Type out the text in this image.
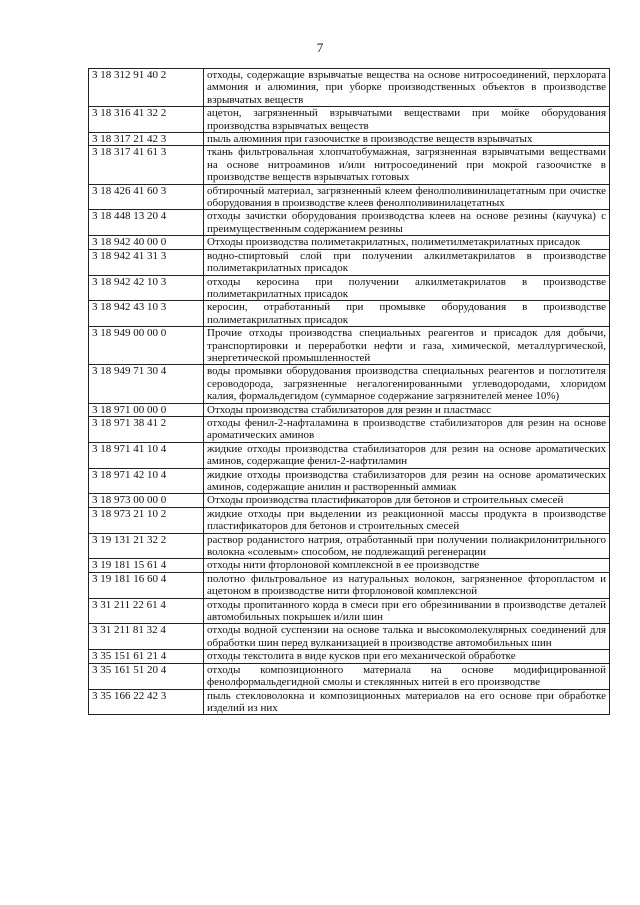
7
3 18 312 91 40 2	отходы, содержащие взрывчатые вещества на основе нитросоединений, перхлората аммония и алюминия, при уборке производственных объектов в производстве взрывчатых веществ
3 18 316 41 32 2	ацетон, загрязненный взрывчатыми веществами при мойке оборудования производства взрывчатых веществ
3 18 317 21 42 3	пыль алюминия при газоочистке в производстве веществ взрывчатых
3 18 317 41 61 3	ткань фильтровальная хлопчатобумажная, загрязненная взрывчатыми веществами на основе нитроаминов и/или нитросоединений при мокрой газоочистке в производстве веществ взрывчатых готовых
3 18 426 41 60 3	обтирочный материал, загрязненный клеем фенолполивинилацетатным при очистке оборудования в производстве клеев фенолполивинилацетатных
3 18 448 13 20 4	отходы зачистки оборудования производства клеев на основе резины (каучука) с преимущественным содержанием резины
3 18 942 40 00 0	Отходы производства полиметакрилатных, полиметилметакрилатных присадок
3 18 942 41 31 3	водно-спиртовый слой при получении алкилметакрилатов в производстве полиметакрилатных присадок
3 18 942 42 10 3	отходы керосина при получении алкилметакрилатов в производстве полиметакрилатных присадок
3 18 942 43 10 3	керосин, отработанный при промывке оборудования в производстве полиметакрилатных присадок
3 18 949 00 00 0	Прочие отходы производства специальных реагентов и присадок для добычи, транспортировки и переработки нефти и газа, химической, металлургической, энергетической промышленностей
3 18 949 71 30 4	воды промывки оборудования производства специальных реагентов и поглотителя сероводорода, загрязненные негалогенированными углеводородами, хлоридом калия, формальдегидом (суммарное содержание загрязнителей менее 10%)
3 18 971 00 00 0	Отходы производства стабилизаторов для резин и пластмасс
3 18 971 38 41 2	отходы фенил-2-нафталамина в производстве стабилизаторов для резин на основе ароматических аминов
3 18 971 41 10 4	жидкие отходы производства стабилизаторов для резин на основе ароматических аминов, содержащие фенил-2-нафтиламин
3 18 971 42 10 4	жидкие отходы производства стабилизаторов для резин на основе ароматических аминов, содержащие анилин и растворенный аммиак
3 18 973 00 00 0	Отходы производства пластификаторов для бетонов и строительных смесей
3 18 973 21 10 2	жидкие отходы при выделении из реакционной массы продукта в производстве пластификаторов для бетонов и строительных смесей
3 19 131 21 32 2	раствор роданистого натрия, отработанный при получении полиакрилонитрильного волокна «солевым» способом, не подлежащий регенерации
3 19 181 15 61 4	отходы нити фторлоновой комплексной в ее производстве
3 19 181 16 60 4	полотно фильтровальное из натуральных волокон, загрязненное фторопластом и ацетоном в производстве нити фторлоновой комплексной
3 31 211 22 61 4	отходы пропитанного корда в смеси при его обрезинивании в производстве деталей автомобильных покрышек и/или шин
3 31 211 81 32 4	отходы водной суспензии на основе талька и высокомолекулярных соединений для обработки шин перед вулканизацией в производстве автомобильных шин
3 35 151 61 21 4	отходы текстолита в виде кусков при его механической обработке
3 35 161 51 20 4	отходы композиционного материала на основе модифицированной фенолформальдегидной смолы и стеклянных нитей в его производстве
3 35 166 22 42 3	пыль стекловолокна и композиционных материалов на его основе при обработке изделий из них
